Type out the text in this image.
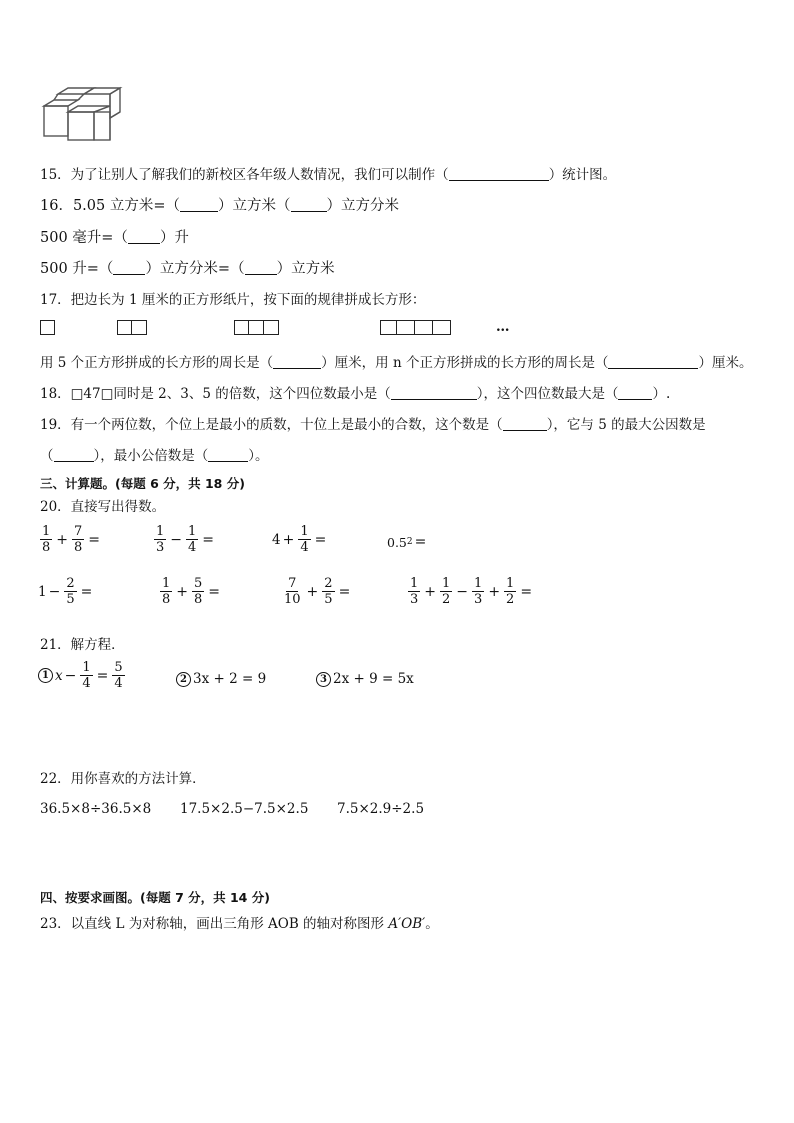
15．为了让别人了解我们的新校区各年级人数情况，我们可以制作（	）统计图。
16．5.05 立方米=（	）立方米（ ）立方分米
500 毫升=（ ）升
500 升=（ ）立方分米=（ ）立方米
17．把边长为 1 厘米的正方形纸片，按下面的规律拼成长方形：
…
用 5 个正方形拼成的长方形的周长是（	）厘米，用 n 个正方形拼成的长方形的周长是（	）厘米。
18．□47□同时是 2、3、5 的倍数，这个四位数最小是（	），这个四位数最大是（	）.
19．有一个两位数，个位上是最小的质数，十位上是最小的合数，这个数是（	），它与 5 的最大公因数是
（	），最小公倍数是（	）。
三、计算题。(每题 6 分，共 18 分)
20．直接写出得数。
$\frac{1}{8} + \frac{7}{8}$ =	$\frac{1}{3} - \frac{1}{4}$ =	$4 + \frac{1}{4}$ =	0.5 2 =
$1 - \frac{2}{5}$ =	$\frac{1}{8} + \frac{5}{8}$ =	$\frac{7}{10} + \frac{2}{5}$ =	$\frac{1}{3} + \frac{1}{2} - \frac{1}{3} + \frac{1}{2}$ =
21．解方程．
1 $x - \frac{1}{4} = \frac{5}{4}$	2 3x + 2 = 9	3 2x + 9 = 5x
22．用你喜欢的方法计算．
36.5×8÷36.5×8 17.5×2.5−7.5×2.5 7.5×2.9÷2.5
四、按要求画图。(每题 7 分，共 14 分)
23．以直线 L 为对称轴，画出三角形 AOB 的轴对称图形 A′OB′。
